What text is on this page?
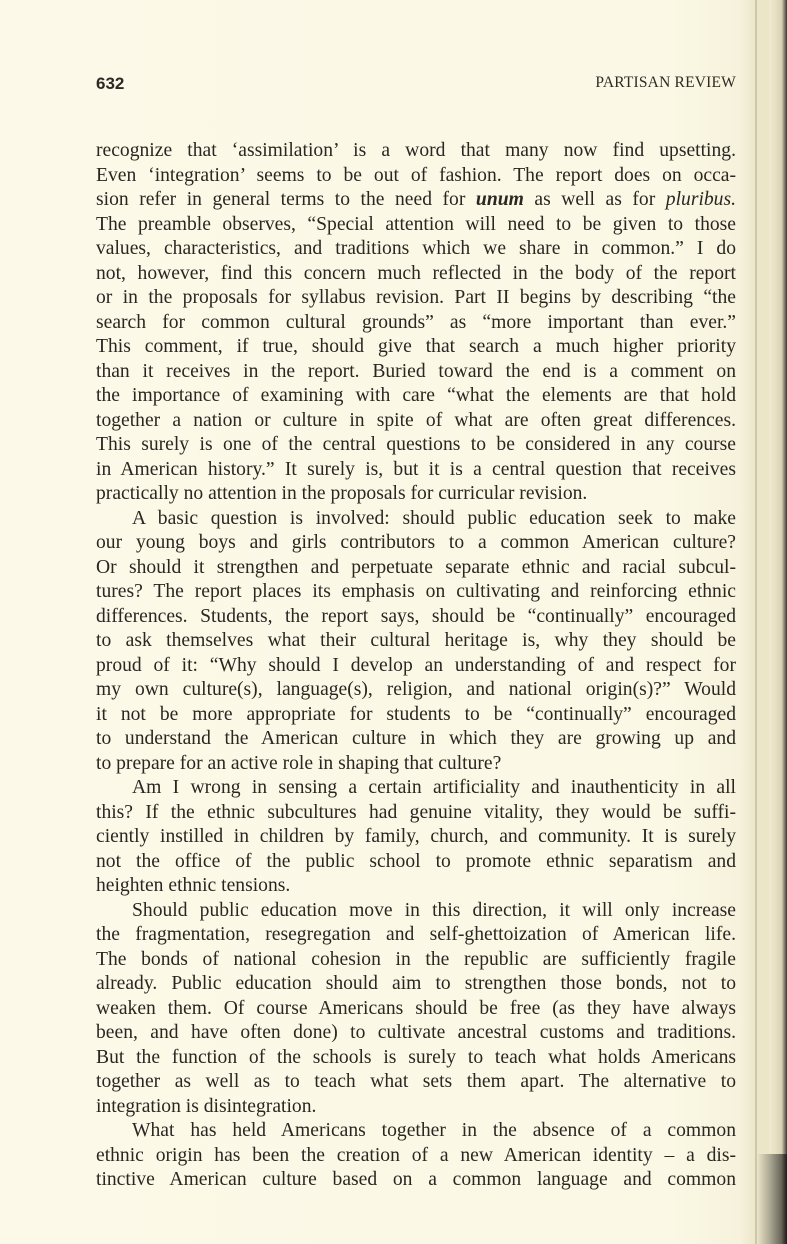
632	PARTISAN REVIEW
recognize that ‘assimilation’ is a word that many now find upsetting.
Even ‘integration’ seems to be out of fashion. The report does on occa-
sion refer in general terms to the need for unum as well as for pluribus.
The preamble observes, “Special attention will need to be given to those
values, characteristics, and traditions which we share in common.” I do
not, however, find this concern much reflected in the body of the report
or in the proposals for syllabus revision. Part II begins by describing “the
search for common cultural grounds” as “more important than ever.”
This comment, if true, should give that search a much higher priority
than it receives in the report. Buried toward the end is a comment on
the importance of examining with care “what the elements are that hold
together a nation or culture in spite of what are often great differences.
This surely is one of the central questions to be considered in any course
in American history.” It surely is, but it is a central question that receives
practically no attention in the proposals for curricular revision.
A basic question is involved: should public education seek to make
our young boys and girls contributors to a common American culture?
Or should it strengthen and perpetuate separate ethnic and racial subcul-
tures? The report places its emphasis on cultivating and reinforcing ethnic
differences. Students, the report says, should be “continually” encouraged
to ask themselves what their cultural heritage is, why they should be
proud of it: “Why should I develop an understanding of and respect for
my own culture(s), language(s), religion, and national origin(s)?” Would
it not be more appropriate for students to be “continually” encouraged
to understand the American culture in which they are growing up and
to prepare for an active role in shaping that culture?
Am I wrong in sensing a certain artificiality and inauthenticity in all
this? If the ethnic subcultures had genuine vitality, they would be suffi-
ciently instilled in children by family, church, and community. It is surely
not the office of the public school to promote ethnic separatism and
heighten ethnic tensions.
Should public education move in this direction, it will only increase
the fragmentation, resegregation and self-ghettoization of American life.
The bonds of national cohesion in the republic are sufficiently fragile
already. Public education should aim to strengthen those bonds, not to
weaken them. Of course Americans should be free (as they have always
been, and have often done) to cultivate ancestral customs and traditions.
But the function of the schools is surely to teach what holds Americans
together as well as to teach what sets them apart. The alternative to
integration is disintegration.
What has held Americans together in the absence of a common
ethnic origin has been the creation of a new American identity – a dis-
tinctive American culture based on a common language and common
